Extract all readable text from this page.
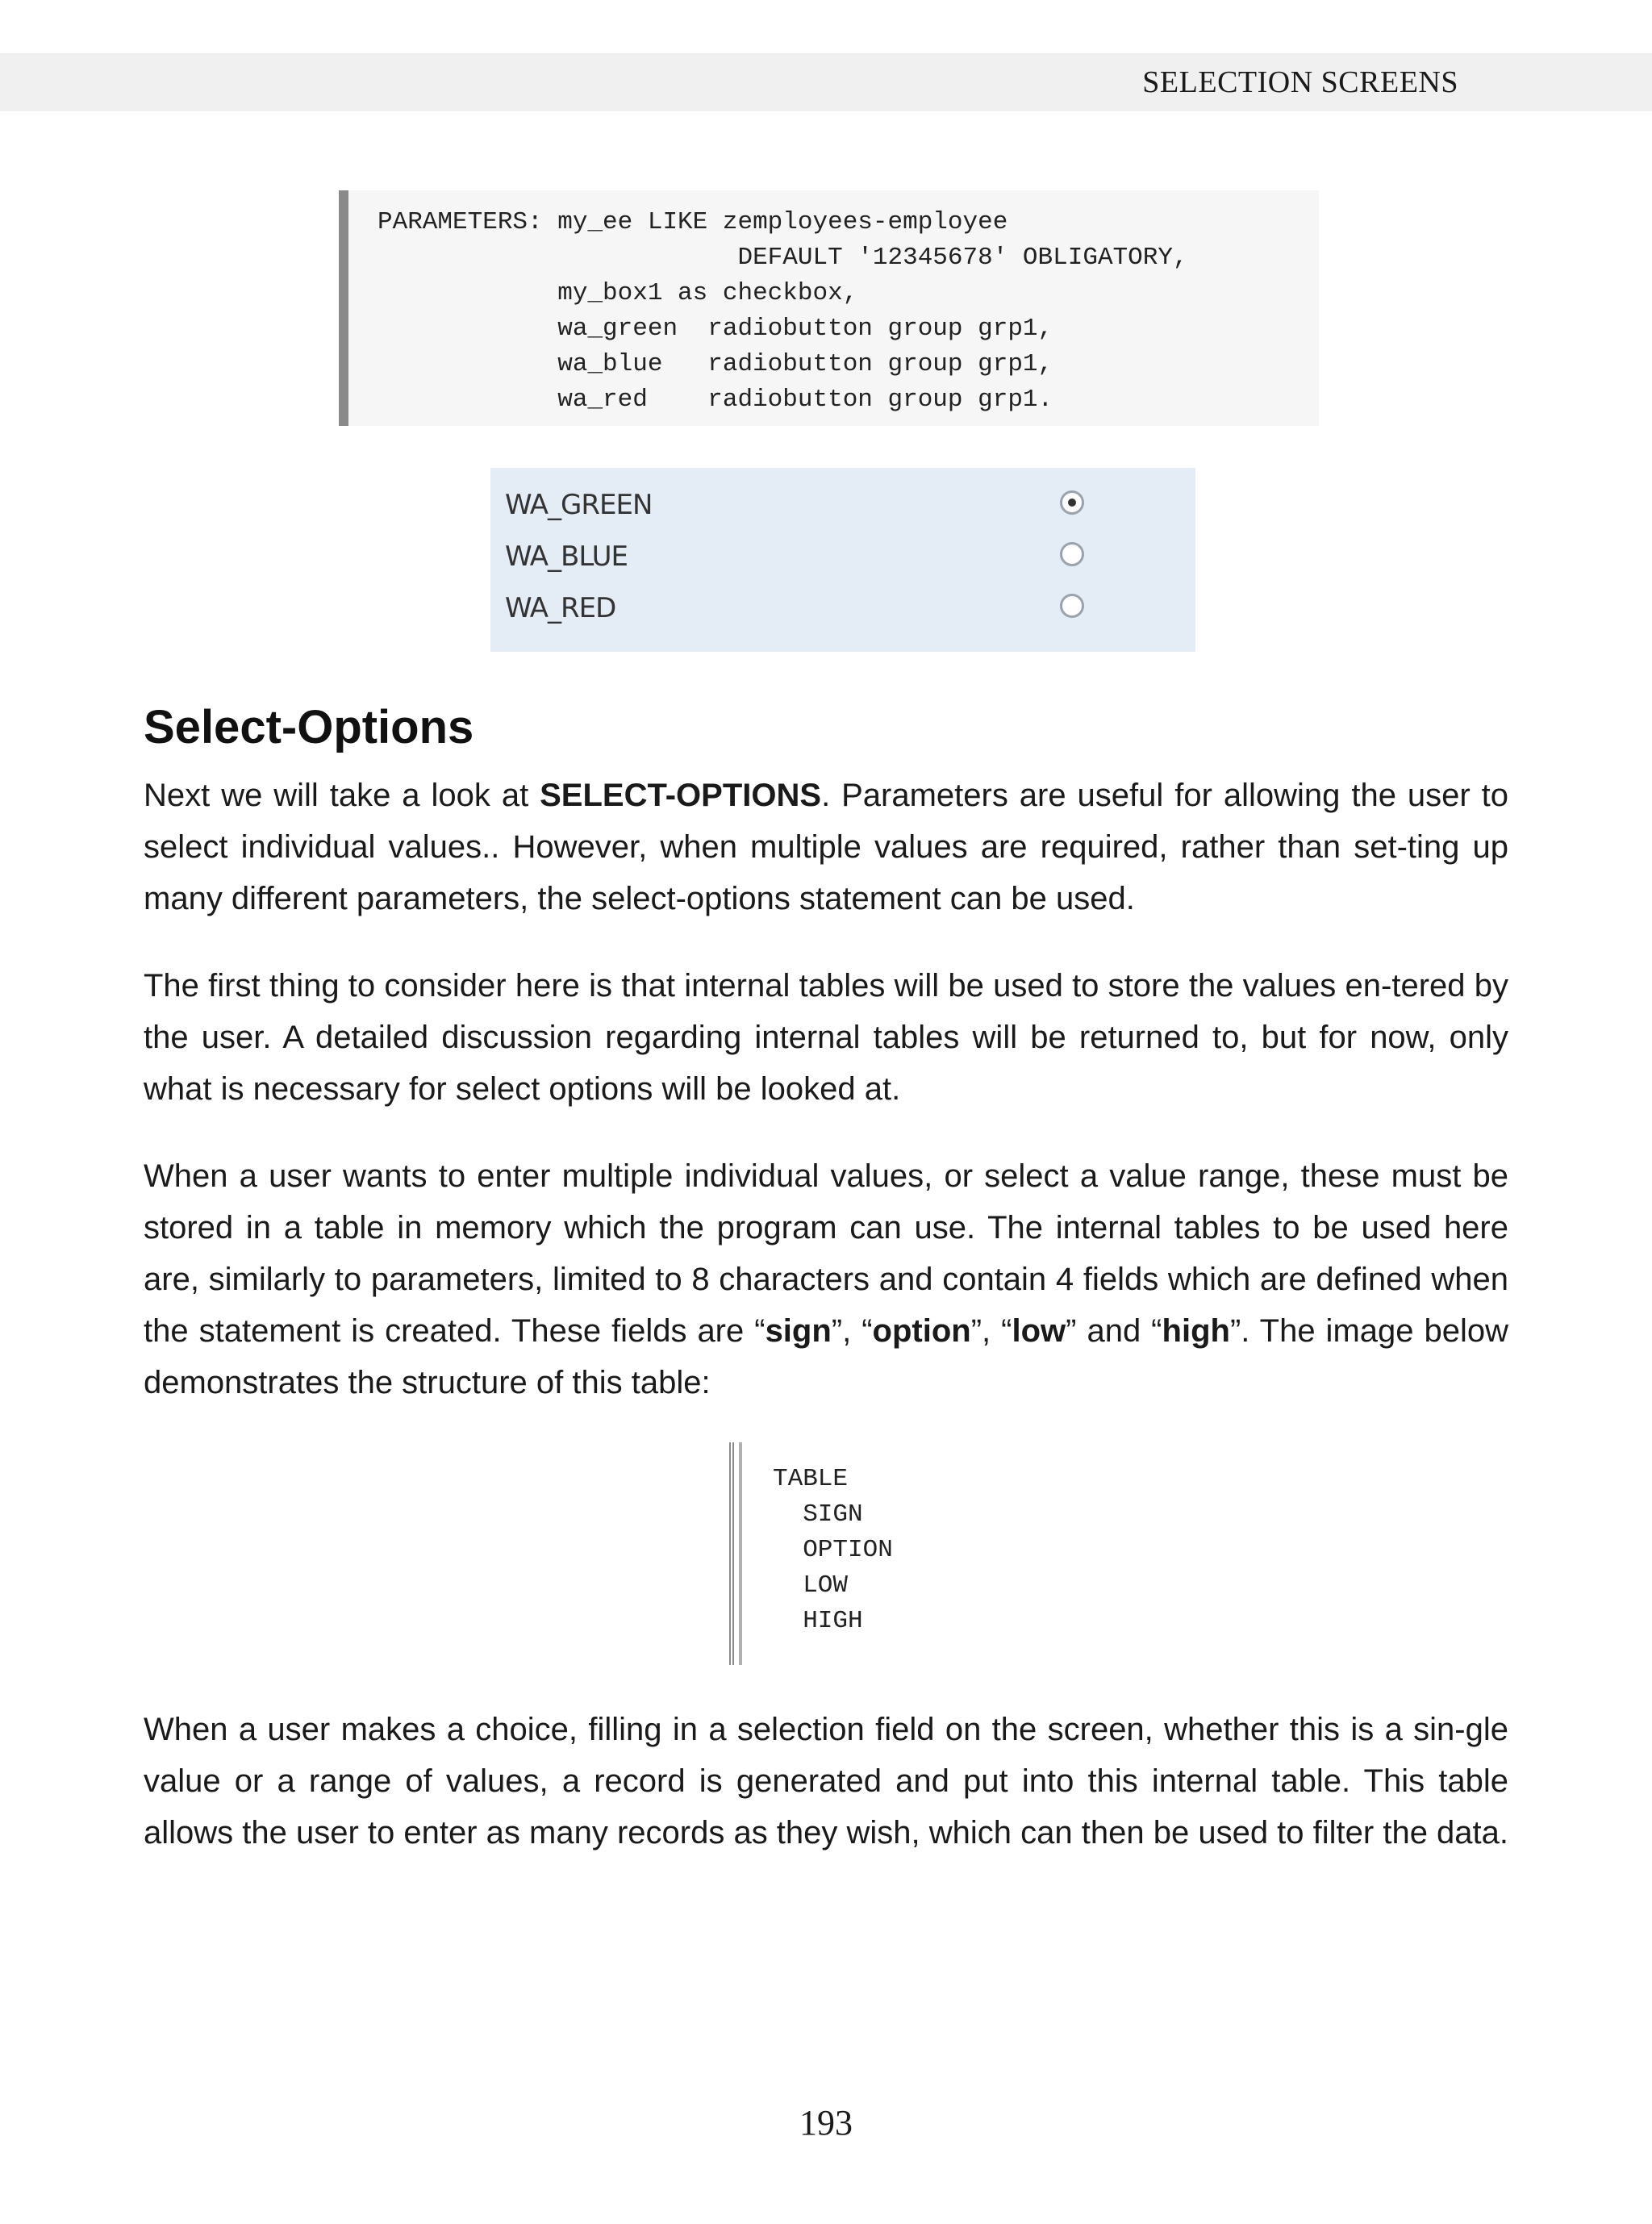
SELECTION SCREENS
PARAMETERS: my_ee LIKE zemployees-employee
DEFAULT '12345678' OBLIGATORY,
my_box1 as checkbox,
wa_green  radiobutton group grp1,
wa_blue   radiobutton group grp1,
wa_red    radiobutton group grp1.
WA_GREEN
WA_BLUE
WA_RED
Select-Options

Next we will take a look at SELECT-OPTIONS. Parameters are useful for allowing the user to select individual values.. However, when multiple values are required, rather than set-ting up many different parameters, the select-options statement can be used.

The first thing to consider here is that internal tables will be used to store the values en-tered by the user. A detailed discussion regarding internal tables will be returned to, but for now, only what is necessary for select options will be looked at.

When a user wants to enter multiple individual values, or select a value range, these must be stored in a table in memory which the program can use. The internal tables to be used here are, similarly to parameters, limited to 8 characters and contain 4 fields which are defined when the statement is created. These fields are “sign”, “option”, “low” and “high”. The image below demonstrates the structure of this table:

TABLE
SIGN
OPTION
LOW
HIGH

When a user makes a choice, filling in a selection field on the screen, whether this is a sin-gle value or a range of values, a record is generated and put into this internal table. This table allows the user to enter as many records as they wish, which can then be used to filter the data.

193
